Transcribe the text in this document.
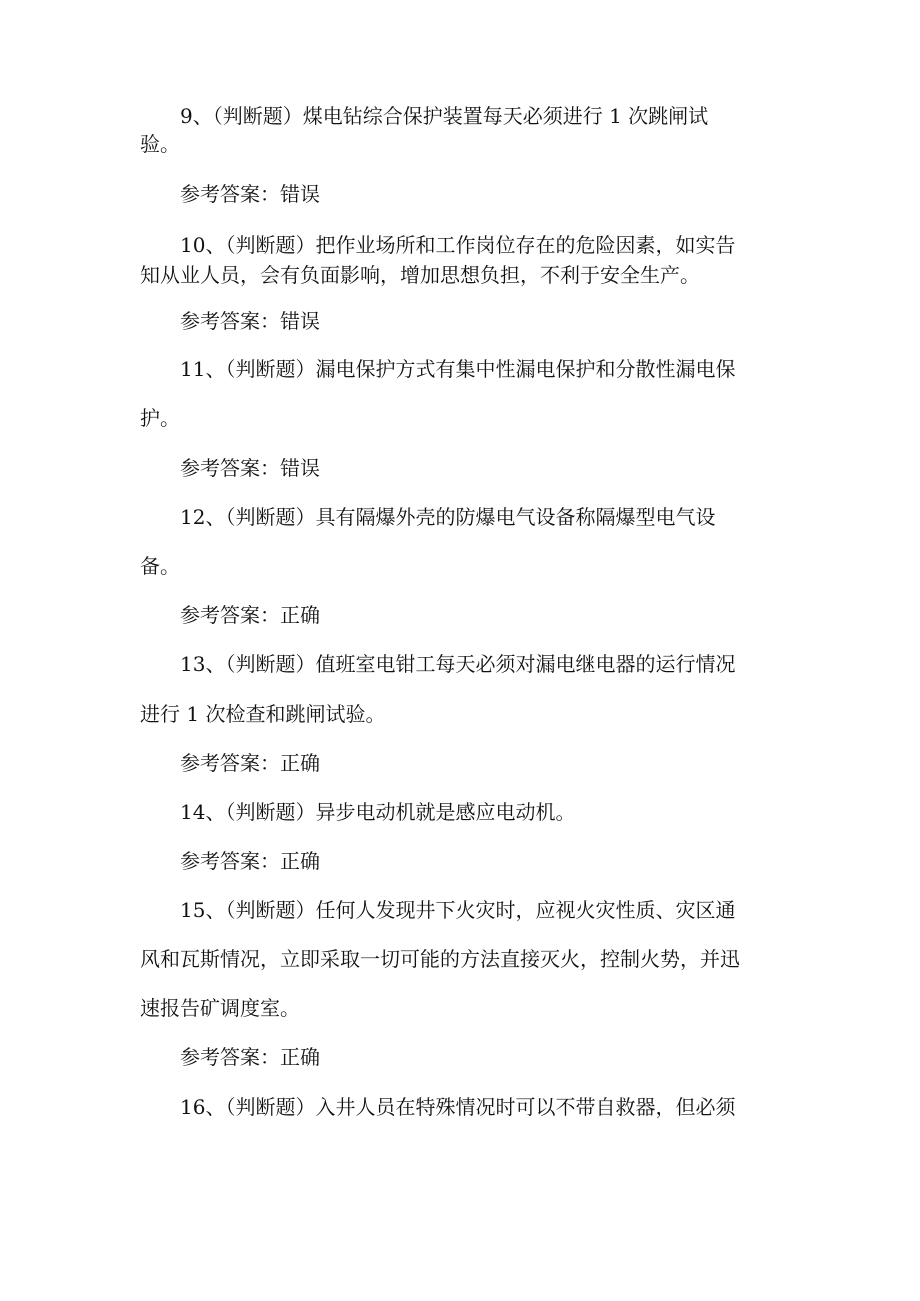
9、（判断题）煤电钻综合保护装置每天必须进行 1 次跳闸试
验。
参考答案：错误
10、（判断题）把作业场所和工作岗位存在的危险因素，如实告
知从业人员，会有负面影响，增加思想负担，不利于安全生产。
参考答案：错误
11、（判断题）漏电保护方式有集中性漏电保护和分散性漏电保
护。
参考答案：错误
12、（判断题）具有隔爆外壳的防爆电气设备称隔爆型电气设
备。
参考答案：正确
13、（判断题）值班室电钳工每天必须对漏电继电器的运行情况
进行 1 次检查和跳闸试验。
参考答案：正确
14、（判断题）异步电动机就是感应电动机。
参考答案：正确
15、（判断题）任何人发现井下火灾时，应视火灾性质、灾区通
风和瓦斯情况，立即采取一切可能的方法直接灭火，控制火势，并迅
速报告矿调度室。
参考答案：正确
16、（判断题）入井人员在特殊情况时可以不带自救器，但必须
